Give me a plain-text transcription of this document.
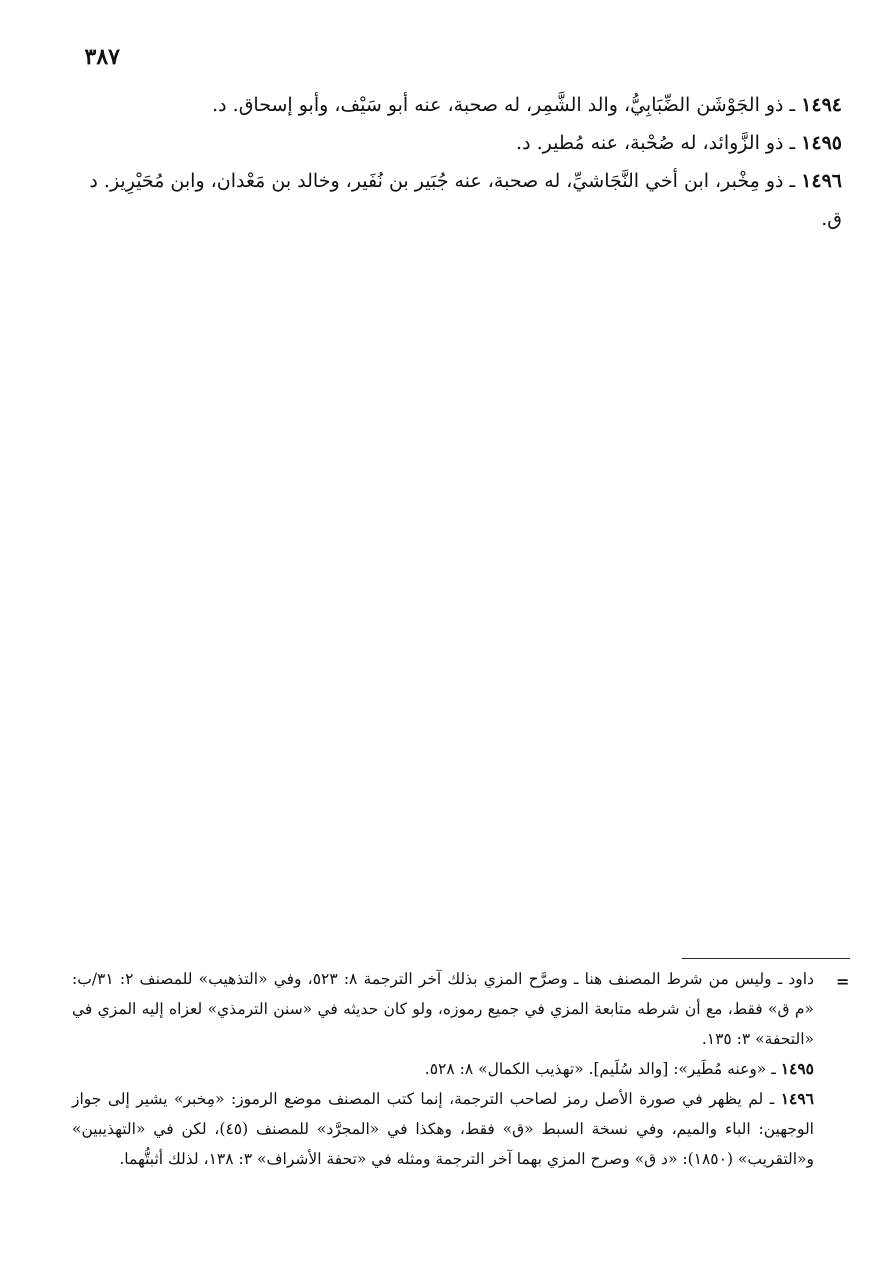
٣٨٧

١٤٩٤ ـ ذو الجَوْشَن الضِّبَابِيُّ، والد الشَّمِر، له صحبة، عنه أبو سَيْف، وأبو إسحاق. د.

١٤٩٥ ـ ذو الزَّوائد، له صُحْبة، عنه مُطير. د.

١٤٩٦ ـ ذو مِخْبر، ابن أخي النَّجَاشيِّ، له صحبة، عنه جُبَير بن نُفَير، وخالد بن مَعْدان، وابن مُحَيْرِيز. د ق.

=

داود ـ وليس من شرط المصنف هنا ـ وصرَّح المزي بذلك آخر الترجمة ٨: ٥٢٣، وفي «التذهيب» للمصنف ٢: ٣١/ب: «م ق» فقط، مع أن شرطه متابعة المزي في جميع رموزه، ولو كان حديثه في «سنن الترمذي» لعزاه إليه المزي في «التحفة» ٣: ١٣٥.

١٤٩٥ ـ «وعنه مُطَير»: [والد سُلَيم]. «تهذيب الكمال» ٨: ٥٢٨.

١٤٩٦ ـ لم يظهر في صورة الأصل رمز لصاحب الترجمة، إنما كتب المصنف موضع الرموز: «مِخبر» يشير إلى جواز الوجهين: الباء والميم، وفي نسخة السبط «ق» فقط، وهكذا في «المجرَّد» للمصنف (٤٥)، لكن في «التهذيبين» و«التقريب» (١٨٥٠): «د ق» وصرح المزي بهما آخر الترجمة ومثله في «تحفة الأشراف» ٣: ١٣٨، لذلك أثبتُّهما.
